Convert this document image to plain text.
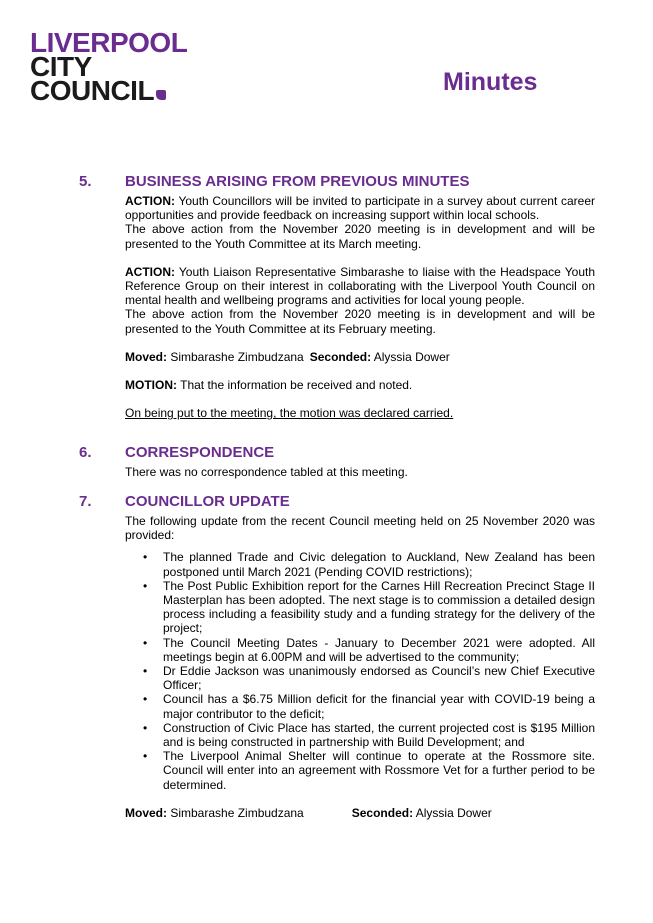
LIVERPOOL
CITY
COUNCIL	Minutes
5. BUSINESS ARISING FROM PREVIOUS MINUTES

ACTION: Youth Councillors will be invited to participate in a survey about current career opportunities and provide feedback on increasing support within local schools.

The above action from the November 2020 meeting is in development and will be presented to the Youth Committee at its March meeting.

ACTION: Youth Liaison Representative Simbarashe to liaise with the Headspace Youth Reference Group on their interest in collaborating with the Liverpool Youth Council on mental health and wellbeing programs and activities for local young people.

The above action from the November 2020 meeting is in development and will be presented to the Youth Committee at its February meeting.

Moved: Simbarashe Zimbudzana Seconded: Alyssia Dower

MOTION: That the information be received and noted.

On being put to the meeting, the motion was declared carried.

6. CORRESPONDENCE

There was no correspondence tabled at this meeting.

7. COUNCILLOR UPDATE

The following update from the recent Council meeting held on 25 November 2020 was provided:

• The planned Trade and Civic delegation to Auckland, New Zealand has been postponed until March 2021 (Pending COVID restrictions);
• The Post Public Exhibition report for the Carnes Hill Recreation Precinct Stage II Masterplan has been adopted. The next stage is to commission a detailed design process including a feasibility study and a funding strategy for the delivery of the project;
• The Council Meeting Dates - January to December 2021 were adopted. All meetings begin at 6.00PM and will be advertised to the community;
• Dr Eddie Jackson was unanimously endorsed as Council’s new Chief Executive Officer;
• Council has a $6.75 Million deficit for the financial year with COVID-19 being a major contributor to the deficit;
• Construction of Civic Place has started, the current projected cost is $195 Million and is being constructed in partnership with Build Development; and
• The Liverpool Animal Shelter will continue to operate at the Rossmore site. Council will enter into an agreement with Rossmore Vet for a further period to be determined.

Moved: Simbarashe Zimbudzana	Seconded: Alyssia Dower
